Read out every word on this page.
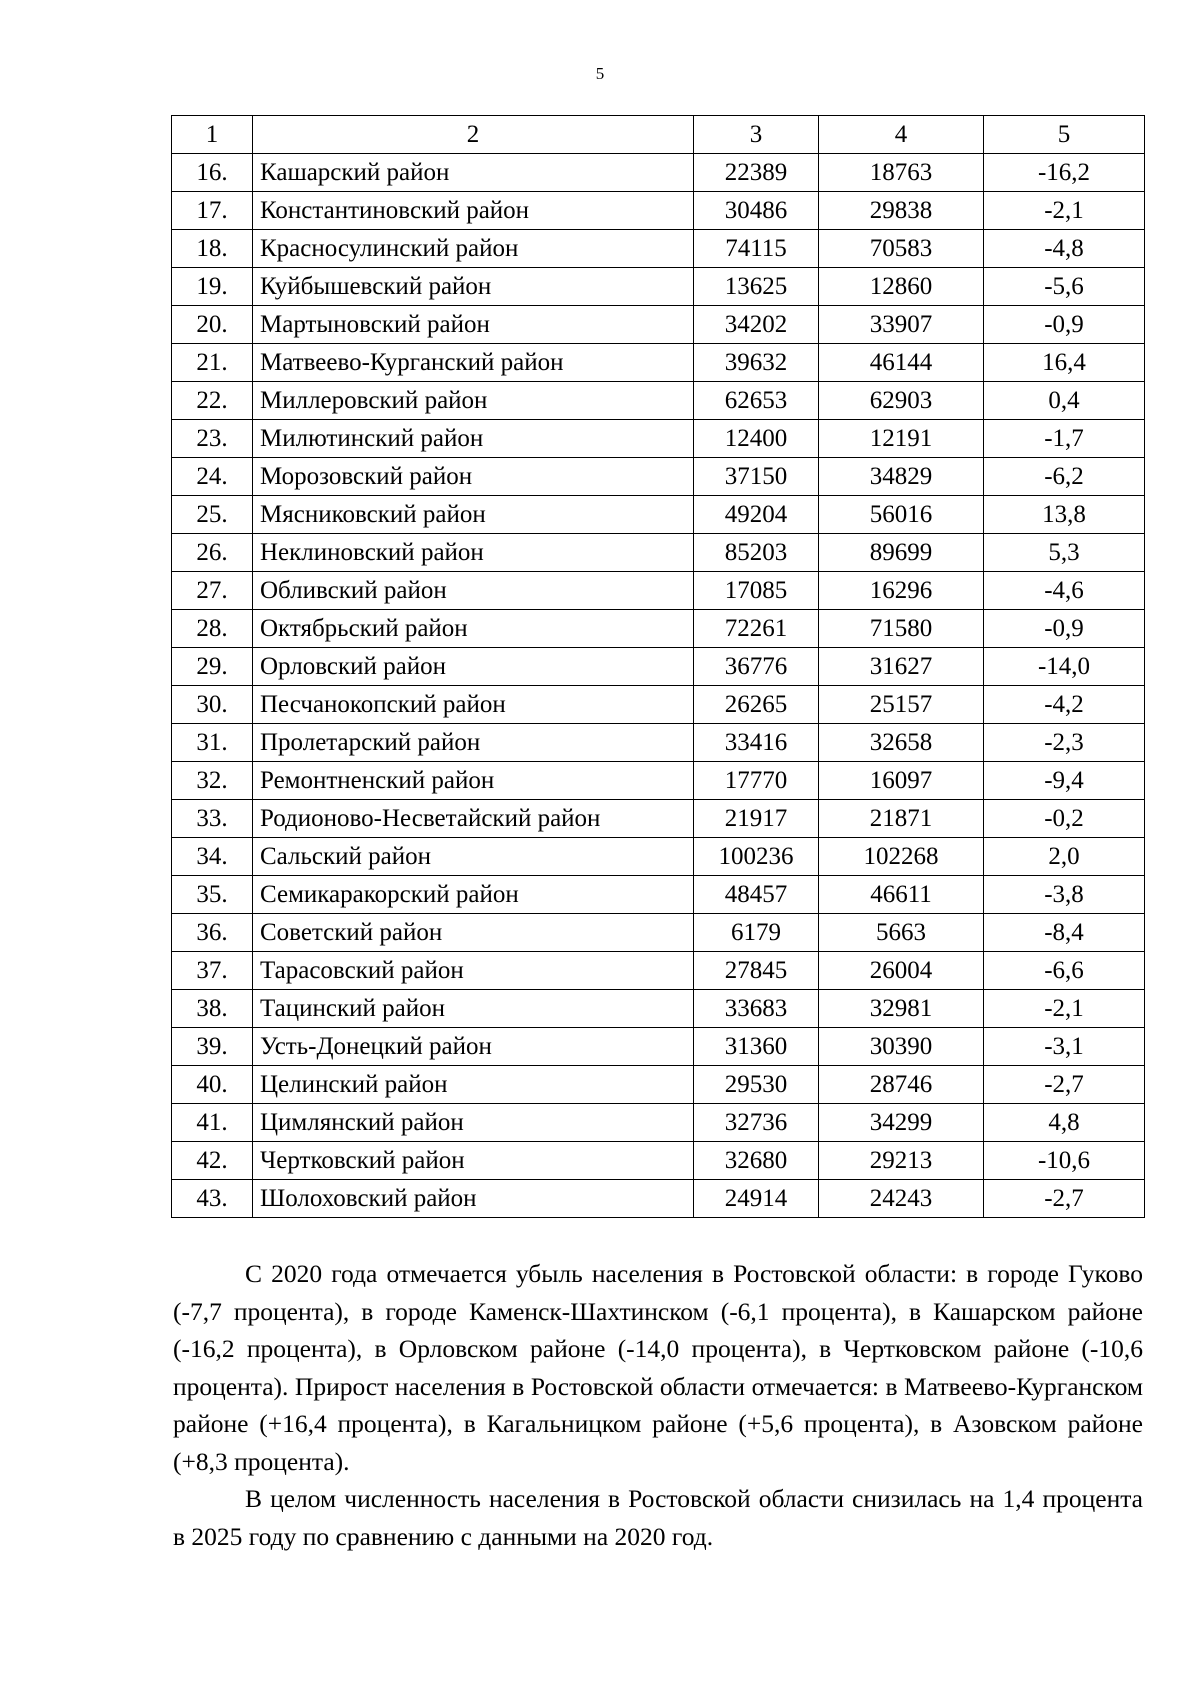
5
1	2	3	4	5
16.	Кашарский район	22389	18763	-16,2
17.	Константиновский район	30486	29838	-2,1
18.	Красносулинский район	74115	70583	-4,8
19.	Куйбышевский район	13625	12860	-5,6
20.	Мартыновский район	34202	33907	-0,9
21.	Матвеево-Курганский район	39632	46144	16,4
22.	Миллеровский район	62653	62903	0,4
23.	Милютинский район	12400	12191	-1,7
24.	Морозовский район	37150	34829	-6,2
25.	Мясниковский район	49204	56016	13,8
26.	Неклиновский район	85203	89699	5,3
27.	Обливский район	17085	16296	-4,6
28.	Октябрьский район	72261	71580	-0,9
29.	Орловский район	36776	31627	-14,0
30.	Песчанокопский район	26265	25157	-4,2
31.	Пролетарский район	33416	32658	-2,3
32.	Ремонтненский район	17770	16097	-9,4
33.	Родионово-Несветайский район	21917	21871	-0,2
34.	Сальский район	100236	102268	2,0
35.	Семикаракорский район	48457	46611	-3,8
36.	Советский район	6179	5663	-8,4
37.	Тарасовский район	27845	26004	-6,6
38.	Тацинский район	33683	32981	-2,1
39.	Усть-Донецкий район	31360	30390	-3,1
40.	Целинский район	29530	28746	-2,7
41.	Цимлянский район	32736	34299	4,8
42.	Чертковский район	32680	29213	-10,6
43.	Шолоховский район	24914	24243	-2,7

С 2020 года отмечается убыль населения в Ростовской области: в городе Гуково (-7,7 процента), в городе Каменск-Шахтинском (-6,1 процента), в Кашарском районе (-16,2 процента), в Орловском районе (-14,0 процента), в Чертковском районе (-10,6 процента). Прирост населения в Ростовской области отмечается: в Матвеево-Курганском районе (+16,4 процента), в Кагальницком районе (+5,6 процента), в Азовском районе (+8,3 процента).

В целом численность населения в Ростовской области снизилась на 1,4 процента в 2025 году по сравнению с данными на 2020 год.
